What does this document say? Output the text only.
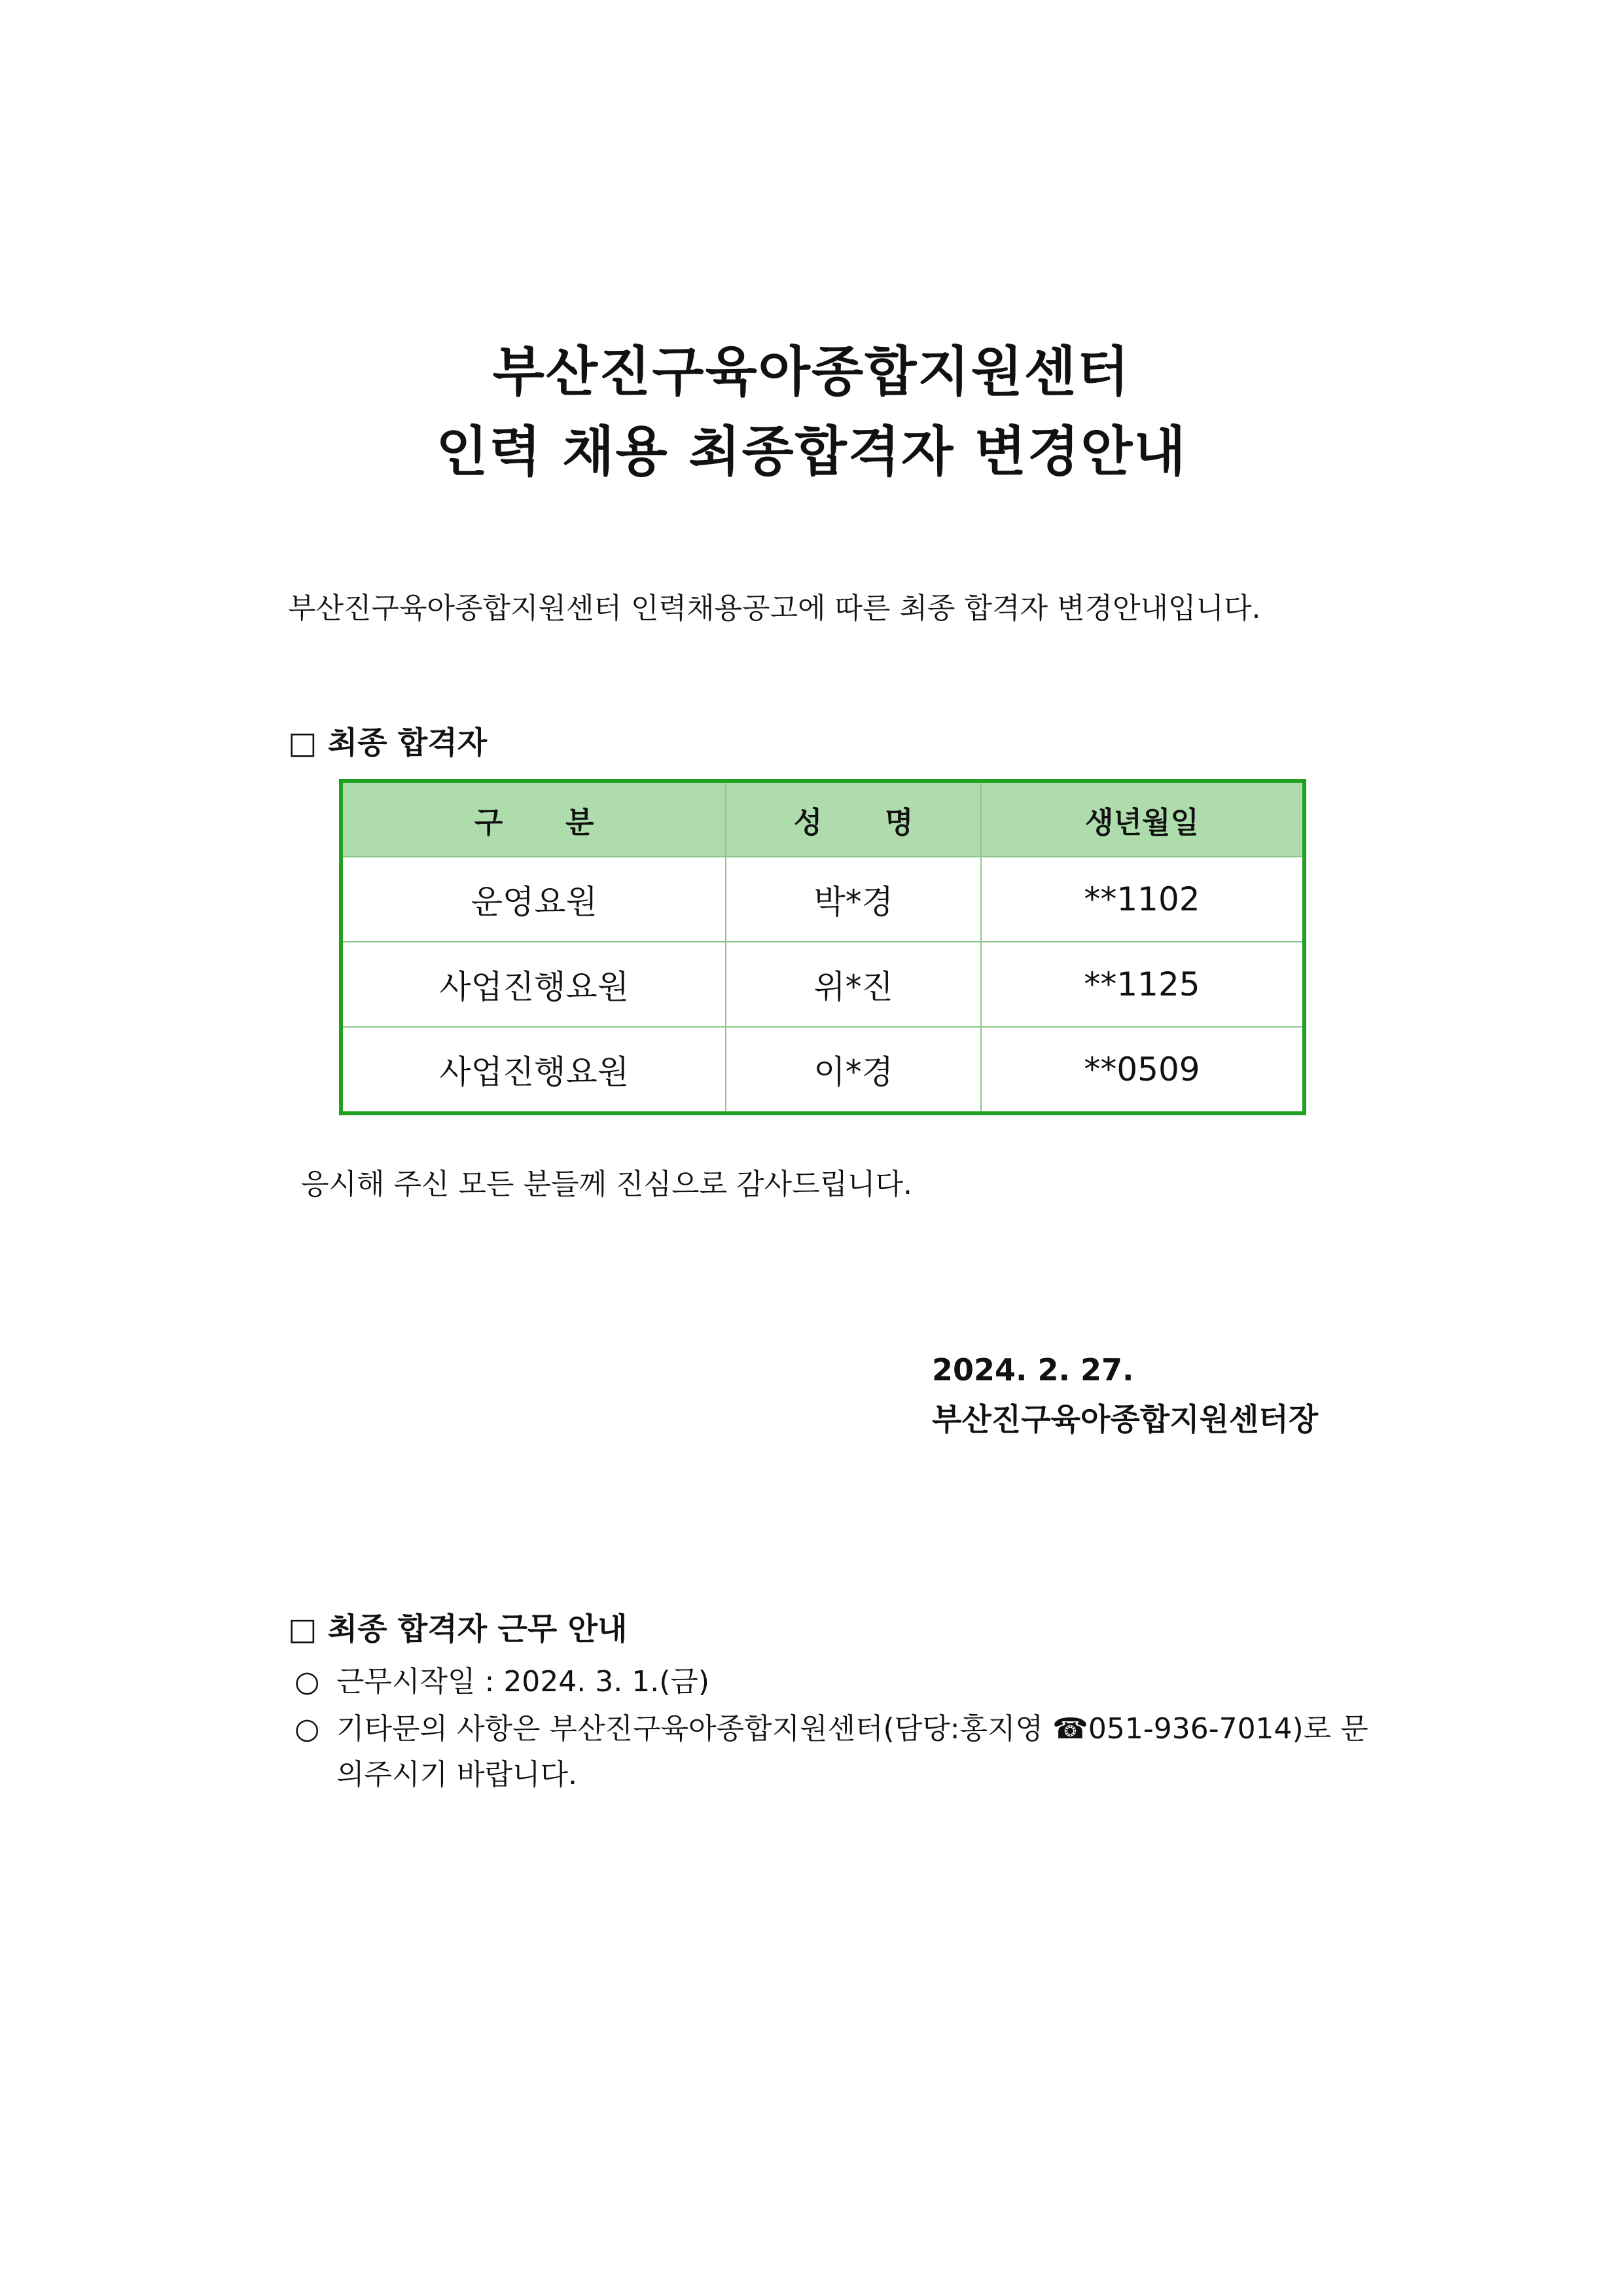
부산진구육아종합지원센터
인력 채용 최종합격자 변경안내
부산진구육아종합지원센터 인력채용공고에 따른 최종 합격자 변경안내입니다.
□ 최종 합격자
구 분	성 명	생년월일
운영요원	박*경	**1102
사업진행요원	위*진	**1125
사업진행요원	이*경	**0509
응시해 주신 모든 분들께 진심으로 감사드립니다.
2024. 2. 27.
부산진구육아종합지원센터장
□ 최종 합격자 근무 안내
○ 근무시작일 : 2024. 3. 1.(금)
○ 기타문의 사항은 부산진구육아종합지원센터(담당:홍지영 ☎051-936-7014)로 문
의주시기 바랍니다.
